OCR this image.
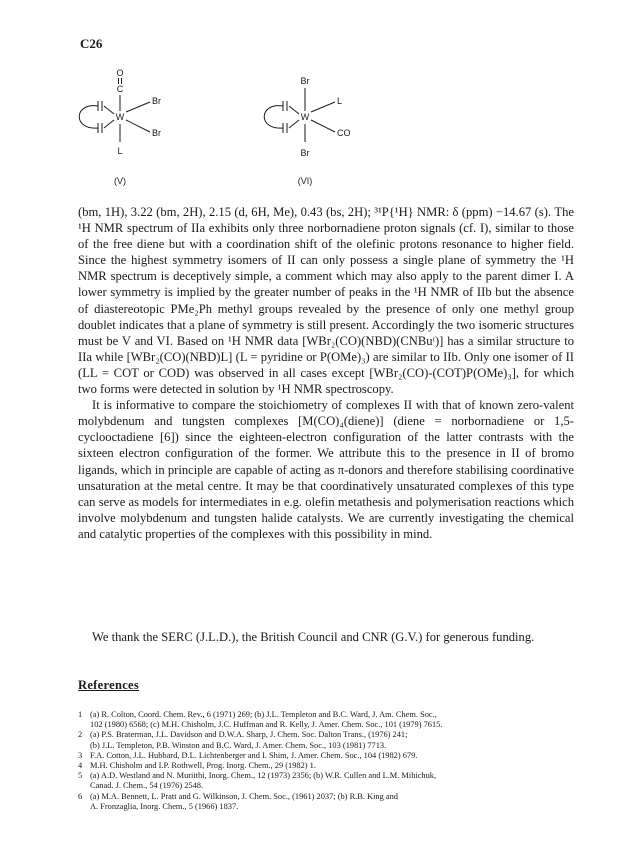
C26
O
C
W
L
Br
Br
(V)
Br
W
Br
L
CO
(VI)

(bm, 1H), 3.22 (bm, 2H), 2.15 (d, 6H, Me), 0.43 (bs, 2H); ³¹P{¹H} NMR: δ (ppm) −14.67 (s). The ¹H NMR spectrum of IIa exhibits only three norbornadiene proton signals (cf. I), similar to those of the free diene but with a coordination shift of the olefinic protons resonance to higher field. Since the highest symmetry isomers of II can only possess a single plane of symmetry the ¹H NMR spectrum is deceptively simple, a comment which may also apply to the parent dimer I. A lower symmetry is implied by the greater number of peaks in the ¹H NMR of IIb but the absence of diastereotopic PMe₂Ph methyl groups revealed by the presence of only one methyl group doublet indicates that a plane of symmetry is still present. Accordingly the two isomeric structures must be V and VI. Based on ¹H NMR data [WBr₂(CO)(NBD)(CNBuᵗ)] has a similar structure to IIa while [WBr₂(CO)(NBD)L] (L = pyridine or P(OMe)₃) are similar to IIb. Only one isomer of II (LL = COT or COD) was observed in all cases except [WBr₂(CO)-(COT)P(OMe)₃], for which two forms were detected in solution by ¹H NMR spectroscopy.

It is informative to compare the stoichiometry of complexes II with that of known zero-valent molybdenum and tungsten complexes [M(CO)₄(diene)] (diene = norbornadiene or 1,5-cyclooctadiene [6]) since the eighteen-electron configuration of the latter contrasts with the sixteen electron configuration of the former. We attribute this to the presence in II of bromo ligands, which in principle are capable of acting as π-donors and therefore stabilising coordinative unsaturation at the metal centre. It may be that coordinatively unsaturated complexes of this type can serve as models for intermediates in e.g. olefin metathesis and polymerisation reactions which involve molybdenum and tungsten halide catalysts. We are currently investigating the chemical and catalytic properties of the complexes with this possibility in mind.

We thank the SERC (J.L.D.), the British Council and CNR (G.V.) for generous funding.
References
1 (a) R. Colton, Coord. Chem. Rev., 6 (1971) 269; (b) J.L. Templeton and B.C. Ward, J. Am. Chem. Soc.,
102 (1980) 6568; (c) M.H. Chisholm, J.C. Huffman and R. Kelly, J. Amer. Chem. Soc., 101 (1979) 7615.
2 (a) P.S. Braterman, J.L. Davidson and D.W.A. Sharp, J. Chem. Soc. Dalton Trans., (1976) 241;
(b) J.L. Templeton, P.B. Winston and B.C. Ward, J. Amer. Chem. Soc., 103 (1981) 7713.
3 F.A. Cotton, J.L. Hubbard, D.L. Lichtenberger and I. Shim, J. Amer. Chem. Soc., 104 (1982) 679.
4 M.H. Chisholm and I.P. Rothwell, Prog. Inorg. Chem., 29 (1982) 1.
5 (a) A.D. Westland and N. Muriithi, Inorg. Chem., 12 (1973) 2356; (b) W.R. Cullen and L.M. Mihichuk,
Canad. J. Chem., 54 (1976) 2548.
6 (a) M.A. Bennett, L. Pratt and G. Wilkinson, J. Chem. Soc., (1961) 2037; (b) R.B. King and
A. Fronzaglia, Inorg. Chem., 5 (1966) 1837.
